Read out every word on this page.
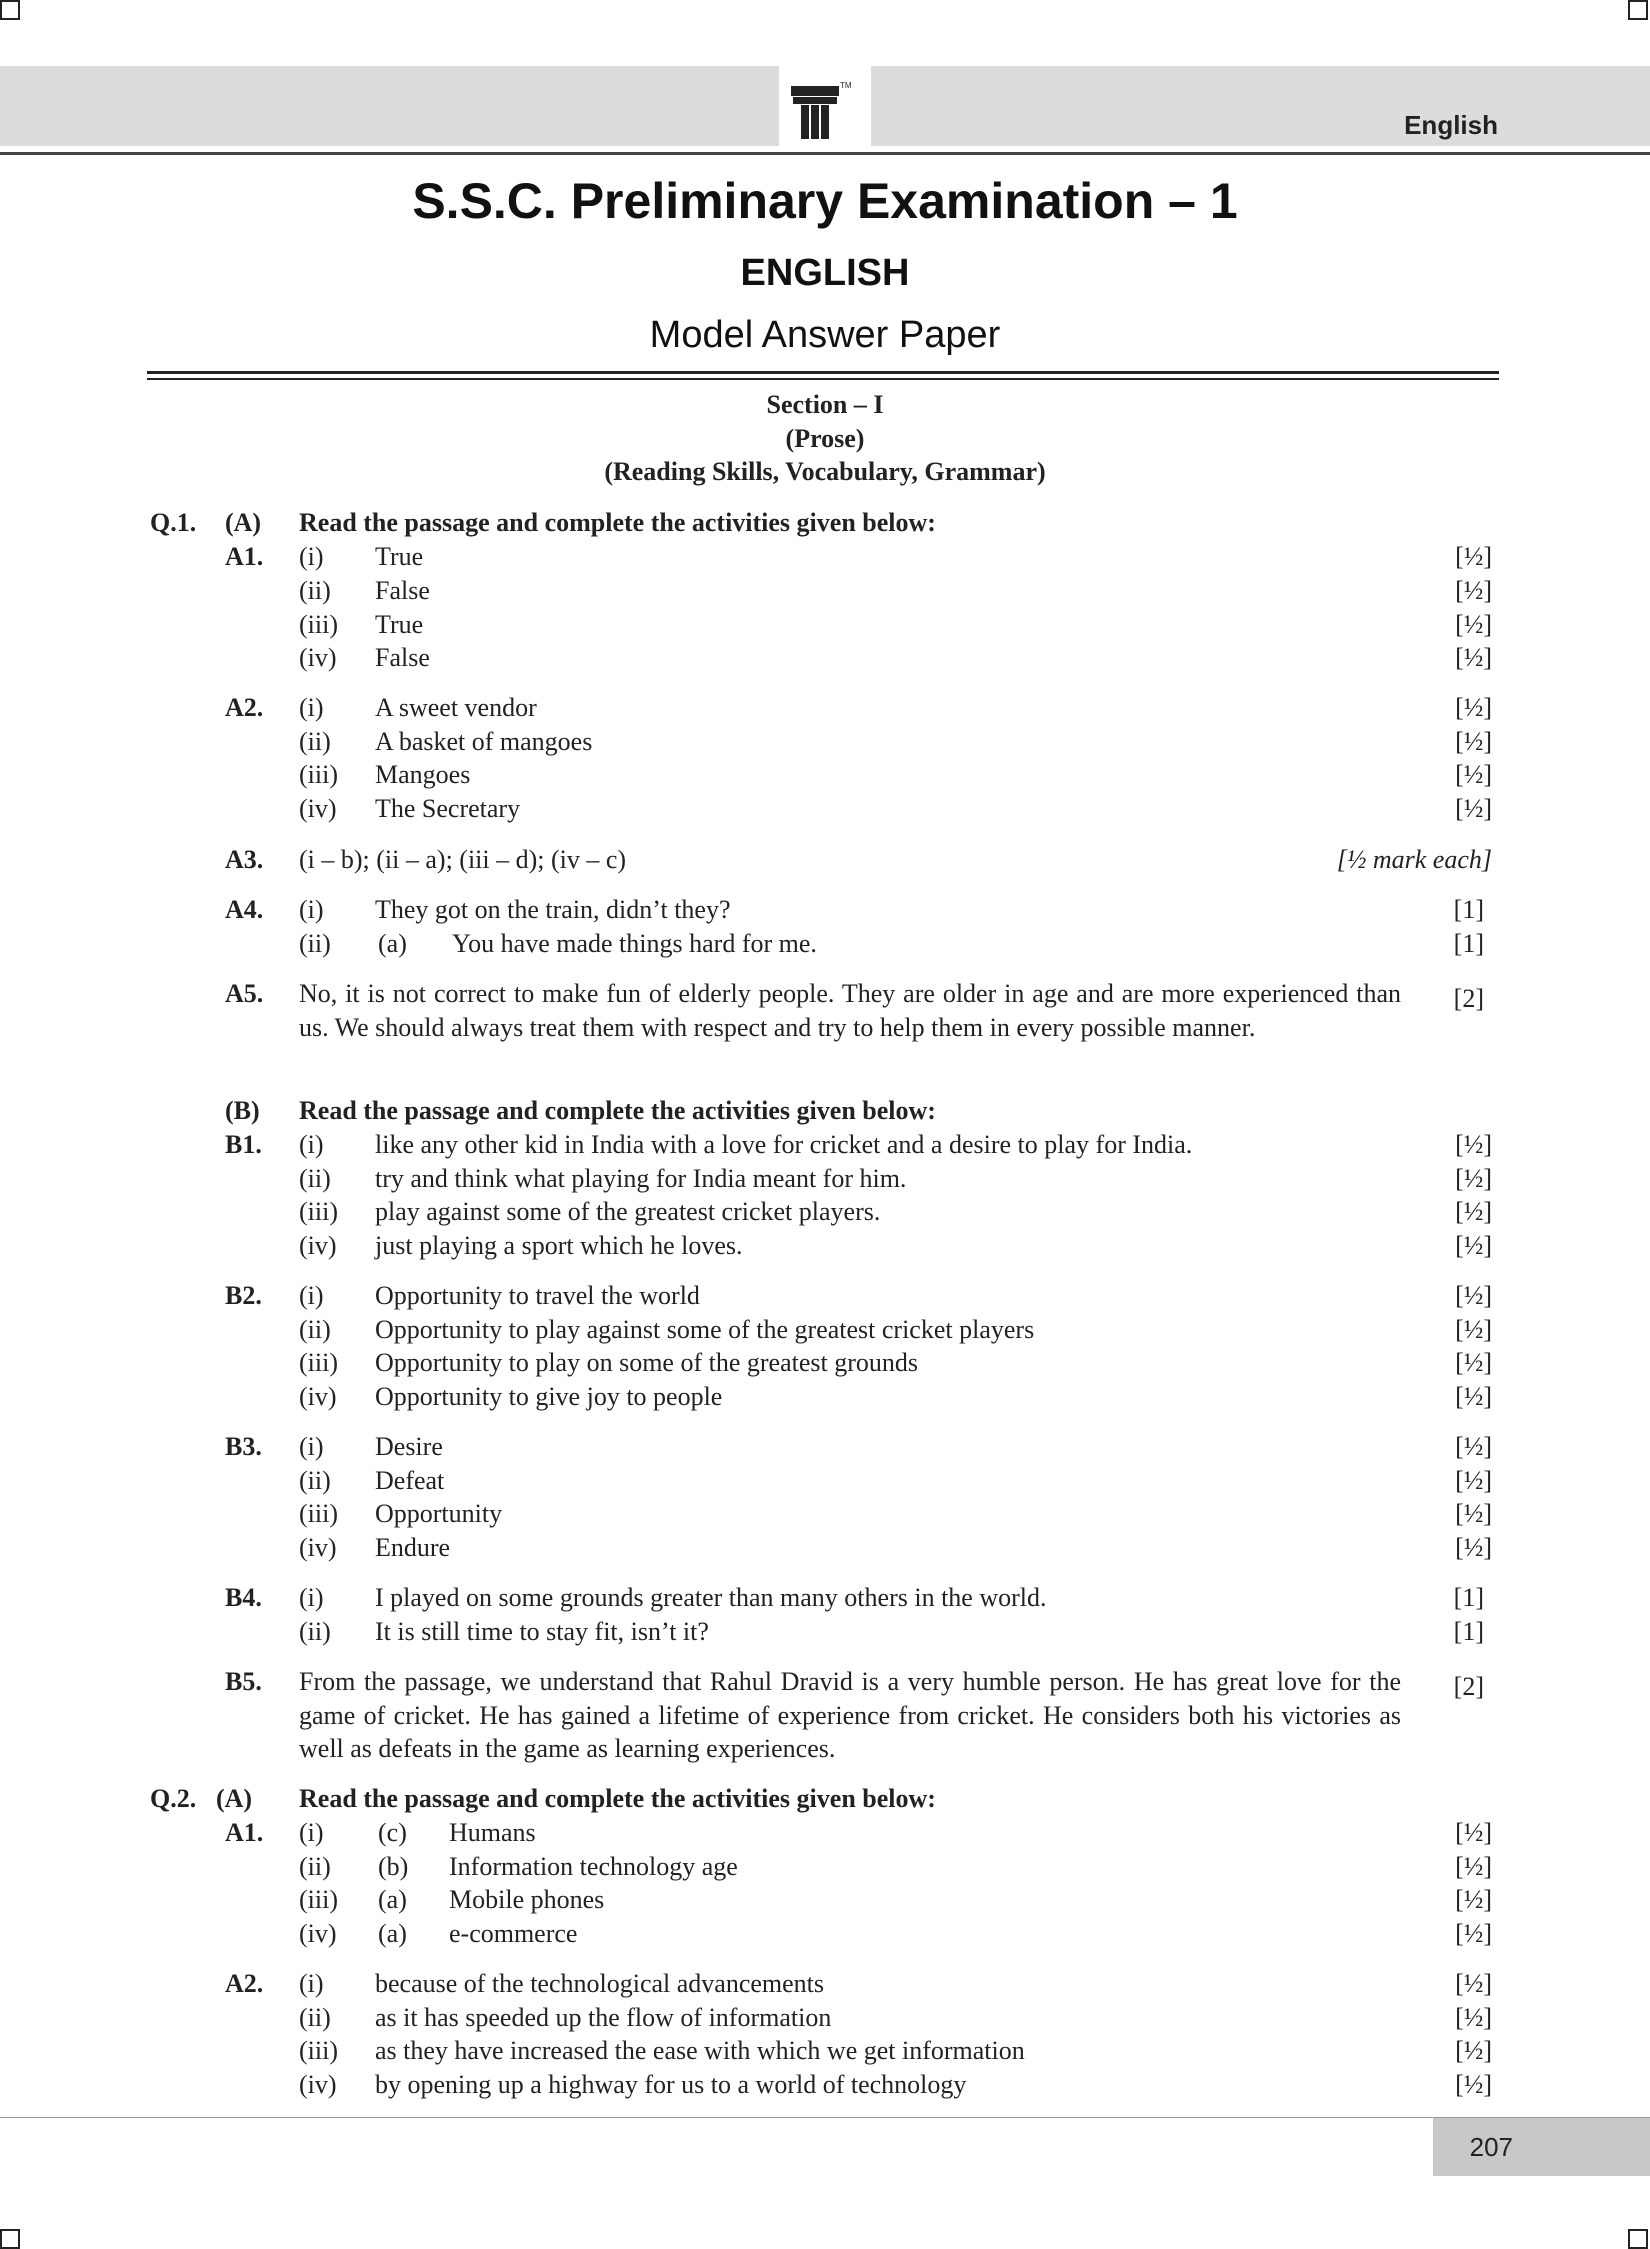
TM
English
S.S.C. Preliminary Examination – 1
ENGLISH
Model Answer Paper
Section – I
(Prose)
(Reading Skills, Vocabulary, Grammar)
Q.1. (A) Read the passage and complete the activities given below:
A1. (i) True	[½]
(ii) False	[½]
(iii) True	[½]
(iv) False	[½]
A2. (i) A sweet vendor	[½]
(ii) A basket of mangoes	[½]
(iii) Mangoes	[½]
(iv) The Secretary	[½]
A3. (i – b); (ii – a); (iii – d); (iv – c)	[½ mark each]
A4. (i) They got on the train, didn’t they?	[1]
(ii) (a) You have made things hard for me.	[1]
A5. No, it is not correct to make fun of elderly people. They are older in age and are more experienced than us. We should always treat them with respect and try to help them in every possible manner.
[2]
(B) Read the passage and complete the activities given below:
B1. (i) like any other kid in India with a love for cricket and a desire to play for India.	[½]
(ii) try and think what playing for India meant for him.	[½]
(iii) play against some of the greatest cricket players.	[½]
(iv) just playing a sport which he loves.	[½]
B2. (i) Opportunity to travel the world	[½]
(ii) Opportunity to play against some of the greatest cricket players	[½]
(iii) Opportunity to play on some of the greatest grounds	[½]
(iv) Opportunity to give joy to people	[½]
B3. (i) Desire	[½]
(ii) Defeat	[½]
(iii) Opportunity	[½]
(iv) Endure	[½]
B4. (i) I played on some grounds greater than many others in the world.	[1]
(ii) It is still time to stay fit, isn’t it?	[1]
B5. From the passage, we understand that Rahul Dravid is a very humble person. He has great love for the game of cricket. He has gained a lifetime of experience from cricket. He considers both his victories as well as defeats in the game as learning experiences.
[2]
Q.2. (A) Read the passage and complete the activities given below:
A1. (i) (c) Humans	[½]
(ii) (b) Information technology age	[½]
(iii) (a) Mobile phones	[½]
(iv) (a) e-commerce	[½]
A2. (i) because of the technological advancements	[½]
(ii) as it has speeded up the flow of information	[½]
(iii) as they have increased the ease with which we get information	[½]
(iv) by opening up a highway for us to a world of technology	[½]
207
